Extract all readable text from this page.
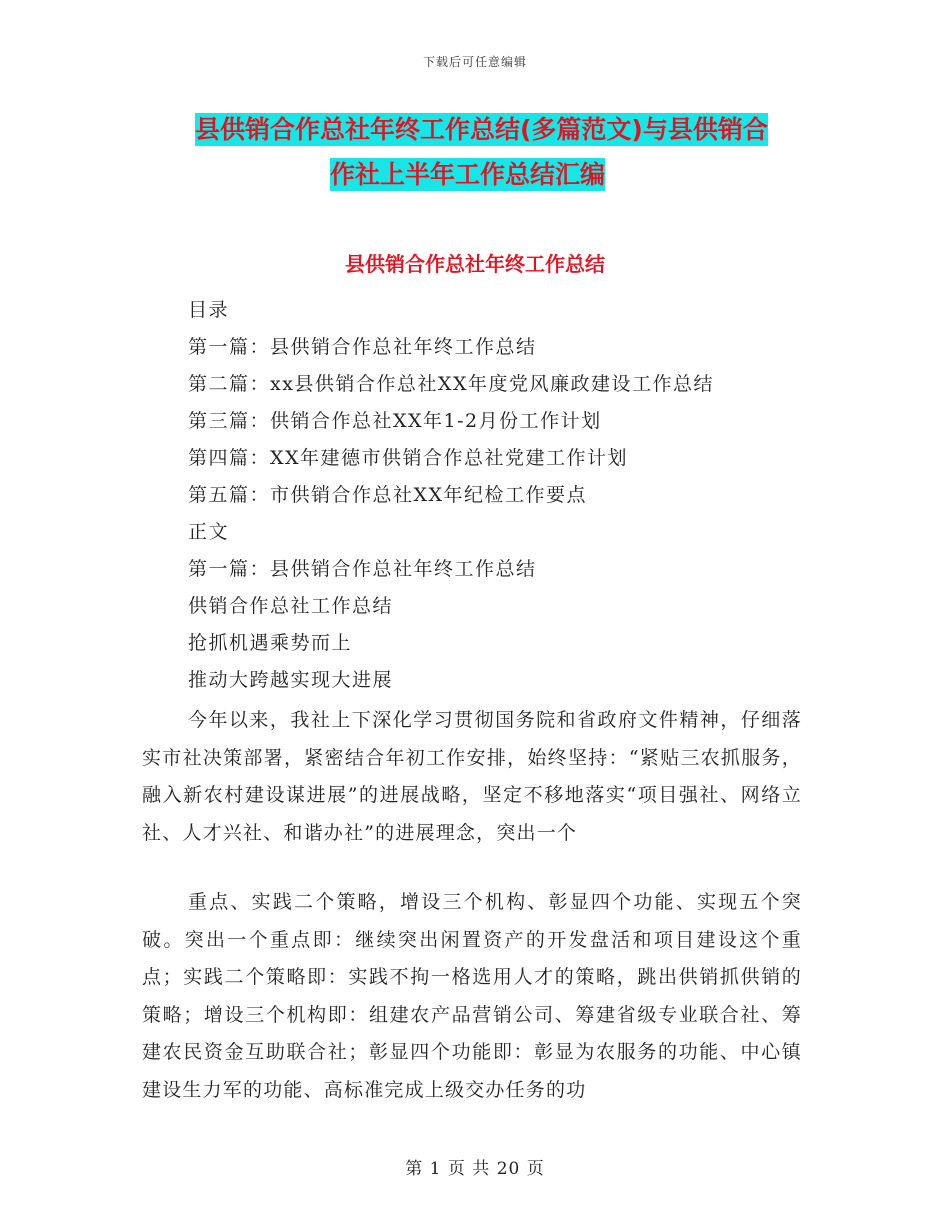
下载后可任意编辑
县供销合作总社年终工作总结(多篇范文)与县供销合
作社上半年工作总结汇编
县供销合作总社年终工作总结
目录
第一篇：县供销合作总社年终工作总结
第二篇：xx县供销合作总社XX年度党风廉政建设工作总结
第三篇：供销合作总社XX年1-2月份工作计划
第四篇：XX年建德市供销合作总社党建工作计划
第五篇：市供销合作总社XX年纪检工作要点
正文
第一篇：县供销合作总社年终工作总结
供销合作总社工作总结
抢抓机遇乘势而上
推动大跨越实现大进展
今年以来，我社上下深化学习贯彻国务院和省政府文件精神，仔细落实市社决策部署，紧密结合年初工作安排，始终坚持：“紧贴三农抓服务，融入新农村建设谋进展”的进展战略，坚定不移地落实“项目强社、网络立社、人才兴社、和谐办社”的进展理念，突出一个
重点、实践二个策略，增设三个机构、彰显四个功能、实现五个突破。突出一个重点即：继续突出闲置资产的开发盘活和项目建设这个重点；实践二个策略即：实践不拘一格选用人才的策略，跳出供销抓供销的策略；增设三个机构即：组建农产品营销公司、筹建省级专业联合社、筹建农民资金互助联合社；彰显四个功能即：彰显为农服务的功能、中心镇建设生力军的功能、高标准完成上级交办任务的功
第 1 页 共 20 页
